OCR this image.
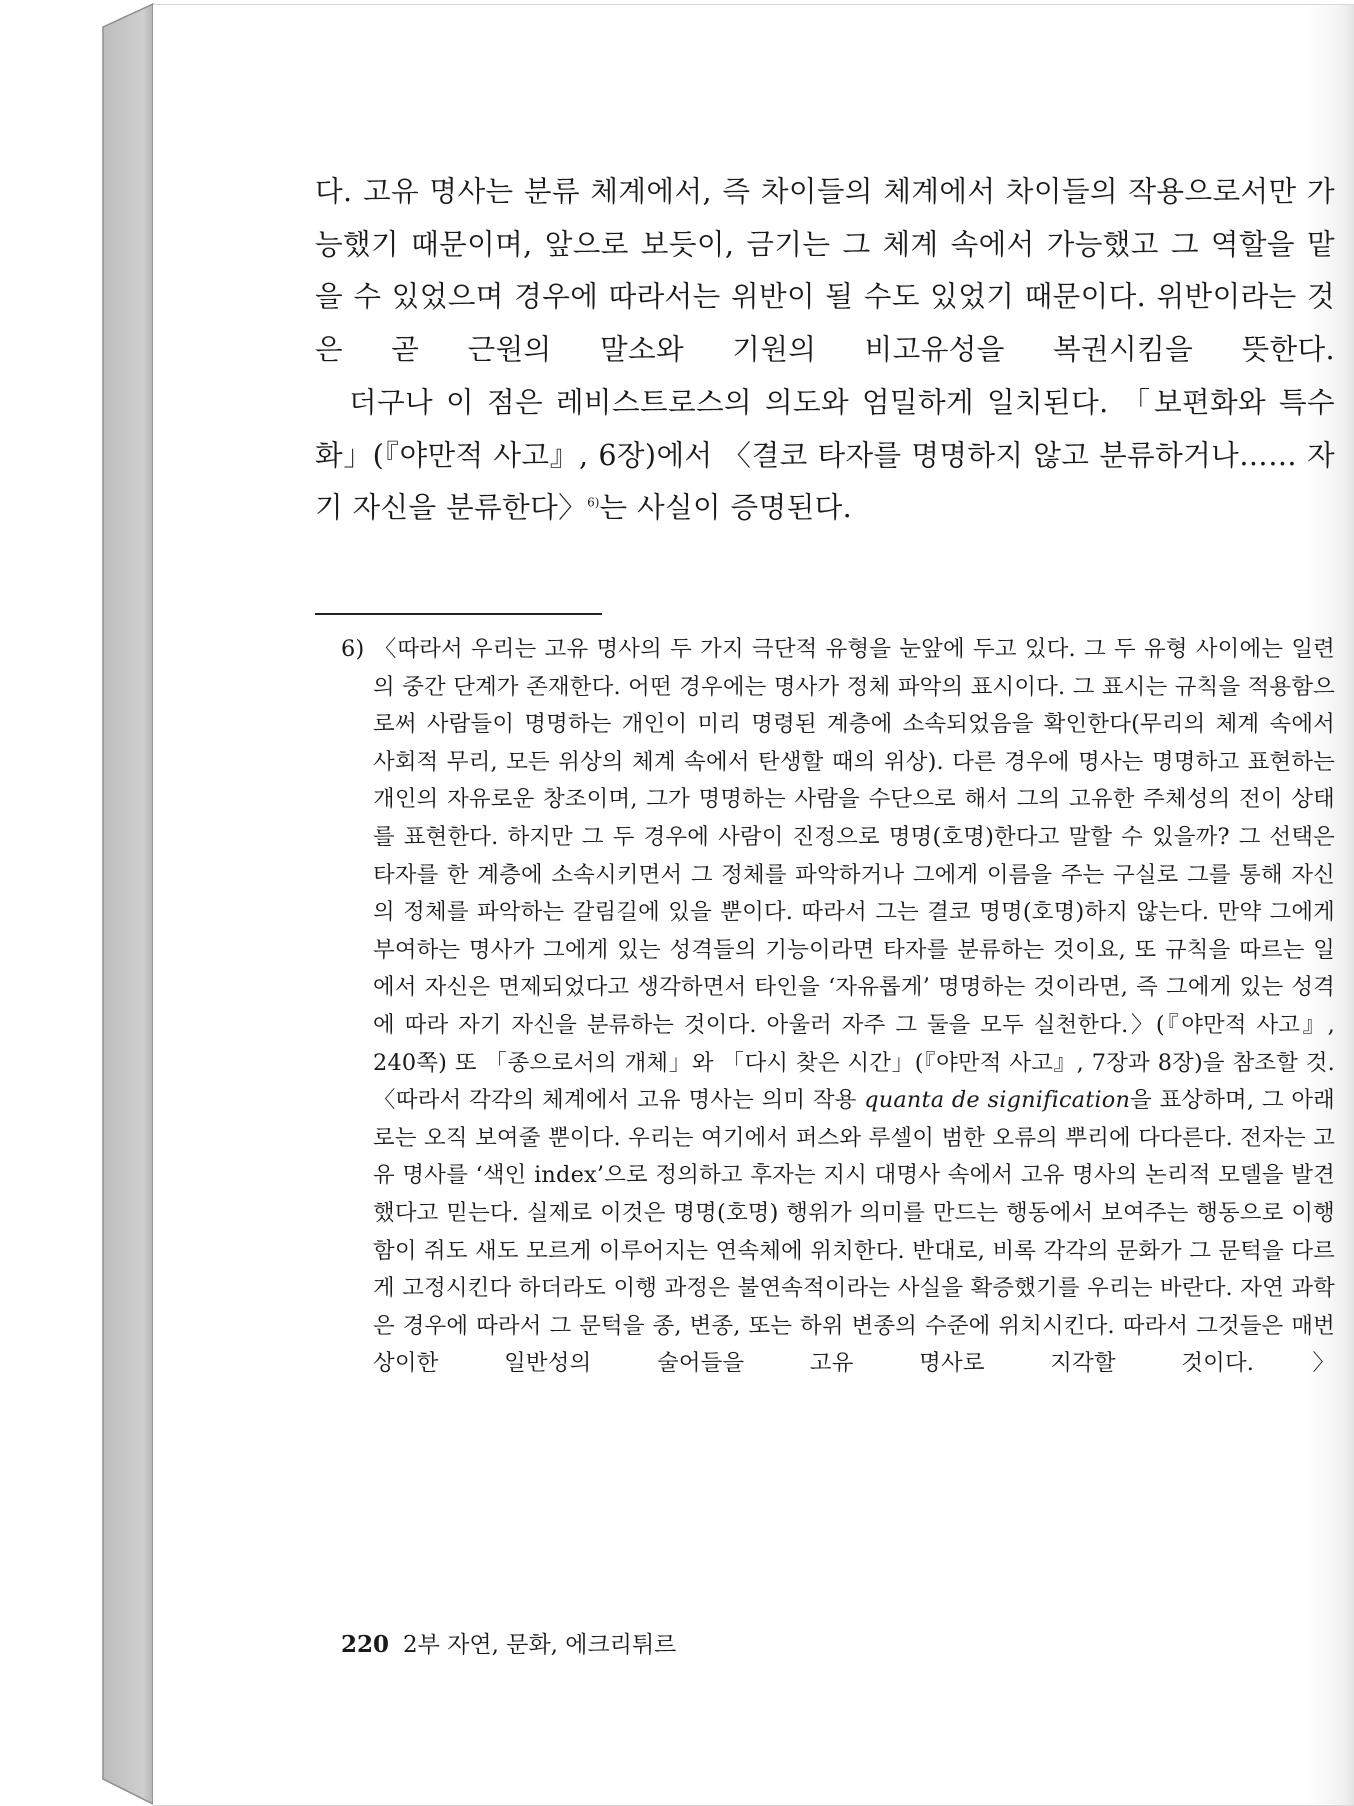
다. 고유 명사는 분류 체계에서, 즉 차이들의 체계에서 차이들의 작용으로서만 가능했기 때문이며, 앞으로 보듯이, 금기는 그 체계 속에서 가능했고 그 역할을 맡을 수 있었으며 경우에 따라서는 위반이 될 수도 있었기 때문이다. 위반이라는 것은 곧 근원의 말소와 기원의 비고유성을 복권시킴을 뜻한다.

더구나 이 점은 레비스트로스의 의도와 엄밀하게 일치된다. 「보편화와 특수화」(『야만적 사고』, 6장)에서 〈결코 타자를 명명하지 않고 분류하거나…… 자기 자신을 분류한다〉$^{6)}$는 사실이 증명된다.

6) 〈따라서 우리는 고유 명사의 두 가지 극단적 유형을 눈앞에 두고 있다. 그 두 유형 사이에는 일련의 중간 단계가 존재한다. 어떤 경우에는 명사가 정체 파악의 표시이다. 그 표시는 규칙을 적용함으로써 사람들이 명명하는 개인이 미리 명령된 계층에 소속되었음을 확인한다(무리의 체계 속에서 사회적 무리, 모든 위상의 체계 속에서 탄생할 때의 위상). 다른 경우에 명사는 명명하고 표현하는 개인의 자유로운 창조이며, 그가 명명하는 사람을 수단으로 해서 그의 고유한 주체성의 전이 상태를 표현한다. 하지만 그 두 경우에 사람이 진정으로 명명(호명)한다고 말할 수 있을까? 그 선택은 타자를 한 계층에 소속시키면서 그 정체를 파악하거나 그에게 이름을 주는 구실로 그를 통해 자신의 정체를 파악하는 갈림길에 있을 뿐이다. 따라서 그는 결코 명명(호명)하지 않는다. 만약 그에게 부여하는 명사가 그에게 있는 성격들의 기능이라면 타자를 분류하는 것이요, 또 규칙을 따르는 일에서 자신은 면제되었다고 생각하면서 타인을 ‘자유롭게’ 명명하는 것이라면, 즉 그에게 있는 성격에 따라 자기 자신을 분류하는 것이다. 아울러 자주 그 둘을 모두 실천한다.〉(『야만적 사고』, 240쪽) 또 「종으로서의 개체」와 「다시 찾은 시간」(『야만적 사고』, 7장과 8장)을 참조할 것. 〈따라서 각각의 체계에서 고유 명사는 의미 작용 quanta de signification을 표상하며, 그 아래로는 오직 보여줄 뿐이다. 우리는 여기에서 퍼스와 루셀이 범한 오류의 뿌리에 다다른다. 전자는 고유 명사를 ‘색인 index’으로 정의하고 후자는 지시 대명사 속에서 고유 명사의 논리적 모델을 발견했다고 믿는다. 실제로 이것은 명명(호명) 행위가 의미를 만드는 행동에서 보여주는 행동으로 이행함이 쥐도 새도 모르게 이루어지는 연속체에 위치한다. 반대로, 비록 각각의 문화가 그 문턱을 다르게 고정시킨다 하더라도 이행 과정은 불연속적이라는 사실을 확증했기를 우리는 바란다. 자연 과학은 경우에 따라서 그 문턱을 종, 변종, 또는 하위 변종의 수준에 위치시킨다. 따라서 그것들은 매번 상이한 일반성의 술어들을 고유 명사로 지각할 것이다.〉
220 2부 자연, 문화, 에크리튀르
